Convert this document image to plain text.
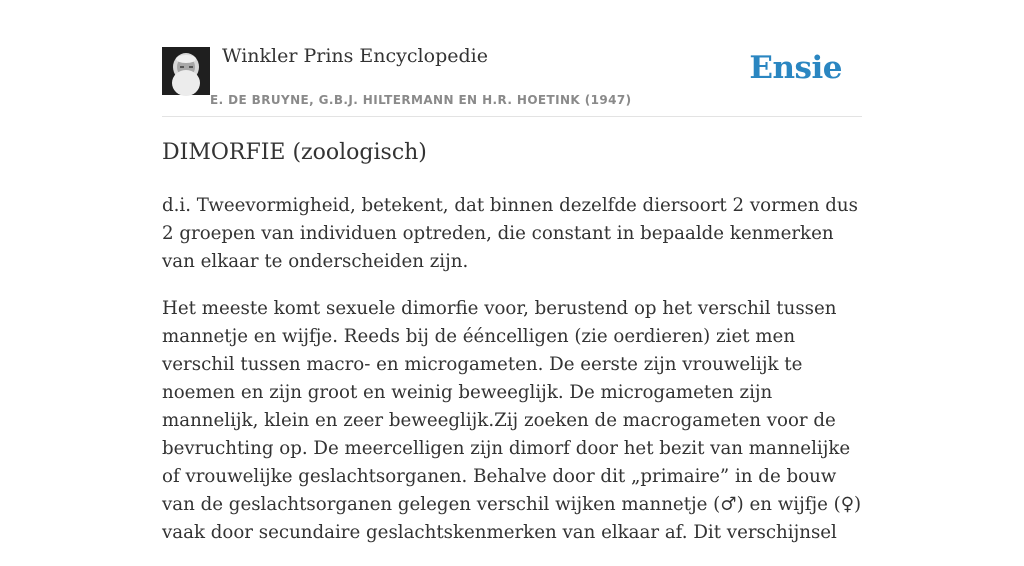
Winkler Prins Encyclopedie
E. DE BRUYNE, G.B.J. HILTERMANN EN H.R. HOETINK (1947)
Ensie
DIMORFIE (zoologisch)

d.i. Tweevormigheid, betekent, dat binnen dezelfde diersoort 2 vormen dus 2 groepen van individuen optreden, die constant in bepaalde kenmerken van elkaar te onderscheiden zijn.

Het meeste komt sexuele dimorfie voor, berustend op het verschil tussen mannetje en wijfje. Reeds bij de ééncelligen (zie oerdieren) ziet men verschil tussen macro- en microgameten. De eerste zijn vrouwelijk te noemen en zijn groot en weinig beweeglijk. De microgameten zijn mannelijk, klein en zeer beweeglijk.Zij zoeken de macrogameten voor de bevruchting op. De meercelligen zijn dimorf door het bezit van mannelijke of vrouwelijke geslachtsorganen. Behalve door dit „primaire” in de bouw van de geslachtsorganen gelegen verschil wijken mannetje (♂) en wijfje (♀) vaak door secundaire geslachtskenmerken van elkaar af. Dit verschijnsel
